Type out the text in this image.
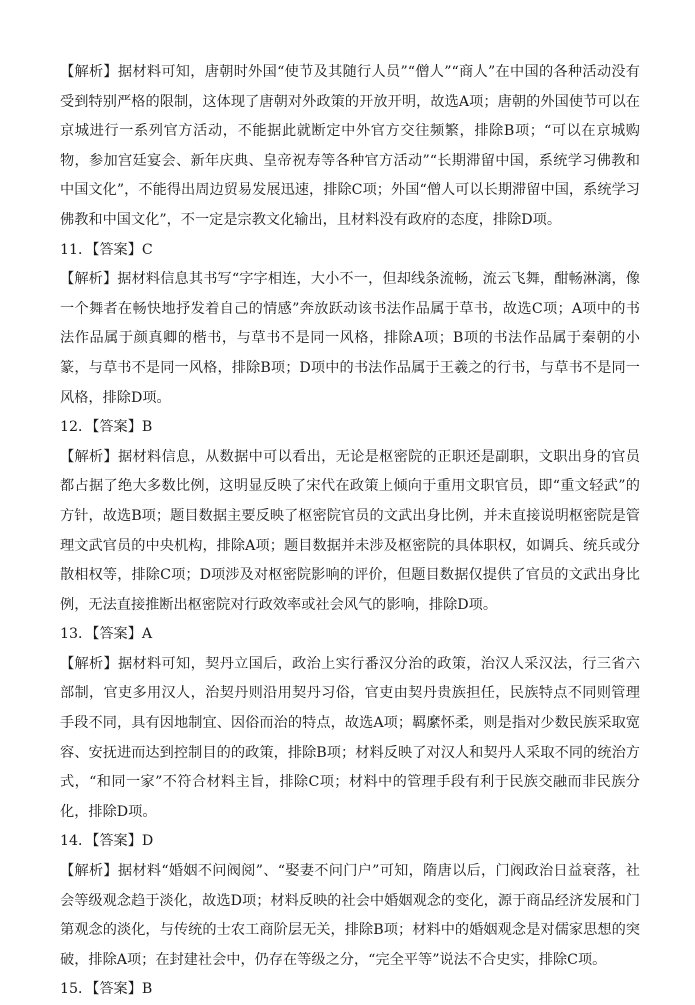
【解析】据材料可知，唐朝时外国“使节及其随行人员”“僧人”“商人”在中国的各种活动没有受到特别严格的限制，这体现了唐朝对外政策的开放开明，故选A项；唐朝的外国使节可以在京城进行一系列官方活动，不能据此就断定中外官方交往频繁，排除B项；“可以在京城购物，参加宫廷宴会、新年庆典、皇帝祝寿等各种官方活动”“长期滞留中国，系统学习佛教和中国文化”，不能得出周边贸易发展迅速，排除C项；外国“僧人可以长期滞留中国，系统学习佛教和中国文化”，不一定是宗教文化输出，且材料没有政府的态度，排除D项。

11．【答案】C

【解析】据材料信息其书写“字字相连，大小不一，但却线条流畅，流云飞舞，酣畅淋漓，像一个舞者在畅快地抒发着自己的情感”奔放跃动该书法作品属于草书，故选C项；A项中的书法作品属于颜真卿的楷书，与草书不是同一风格，排除A项；B项的书法作品属于秦朝的小篆，与草书不是同一风格，排除B项；D项中的书法作品属于王羲之的行书，与草书不是同一风格，排除D项。

12．【答案】B

【解析】据材料信息，从数据中可以看出，无论是枢密院的正职还是副职，文职出身的官员都占据了绝大多数比例，这明显反映了宋代在政策上倾向于重用文职官员，即“重文轻武”的方针，故选B项；题目数据主要反映了枢密院官员的文武出身比例，并未直接说明枢密院是管理文武官员的中央机构，排除A项；题目数据并未涉及枢密院的具体职权，如调兵、统兵或分散相权等，排除C项；D项涉及对枢密院影响的评价，但题目数据仅提供了官员的文武出身比例，无法直接推断出枢密院对行政效率或社会风气的影响，排除D项。

13．【答案】A

【解析】据材料可知，契丹立国后，政治上实行番汉分治的政策，治汉人采汉法，行三省六部制，官吏多用汉人，治契丹则沿用契丹习俗，官吏由契丹贵族担任，民族特点不同则管理手段不同，具有因地制宜、因俗而治的特点，故选A项；羁縻怀柔，则是指对少数民族采取宽容、安抚进而达到控制目的的政策，排除B项；材料反映了对汉人和契丹人采取不同的统治方式，“和同一家”不符合材料主旨，排除C项；材料中的管理手段有利于民族交融而非民族分化，排除D项。

14．【答案】D

【解析】据材料“婚姻不问阀阅”、“娶妻不问门户”可知，隋唐以后，门阀政治日益衰落，社会等级观念趋于淡化，故选D项；材料反映的社会中婚姻观念的变化，源于商品经济发展和门第观念的淡化，与传统的士农工商阶层无关，排除B项；材料中的婚姻观念是对儒家思想的突破，排除A项；在封建社会中，仍存在等级之分，“完全平等”说法不合史实，排除C项。

15．【答案】B
